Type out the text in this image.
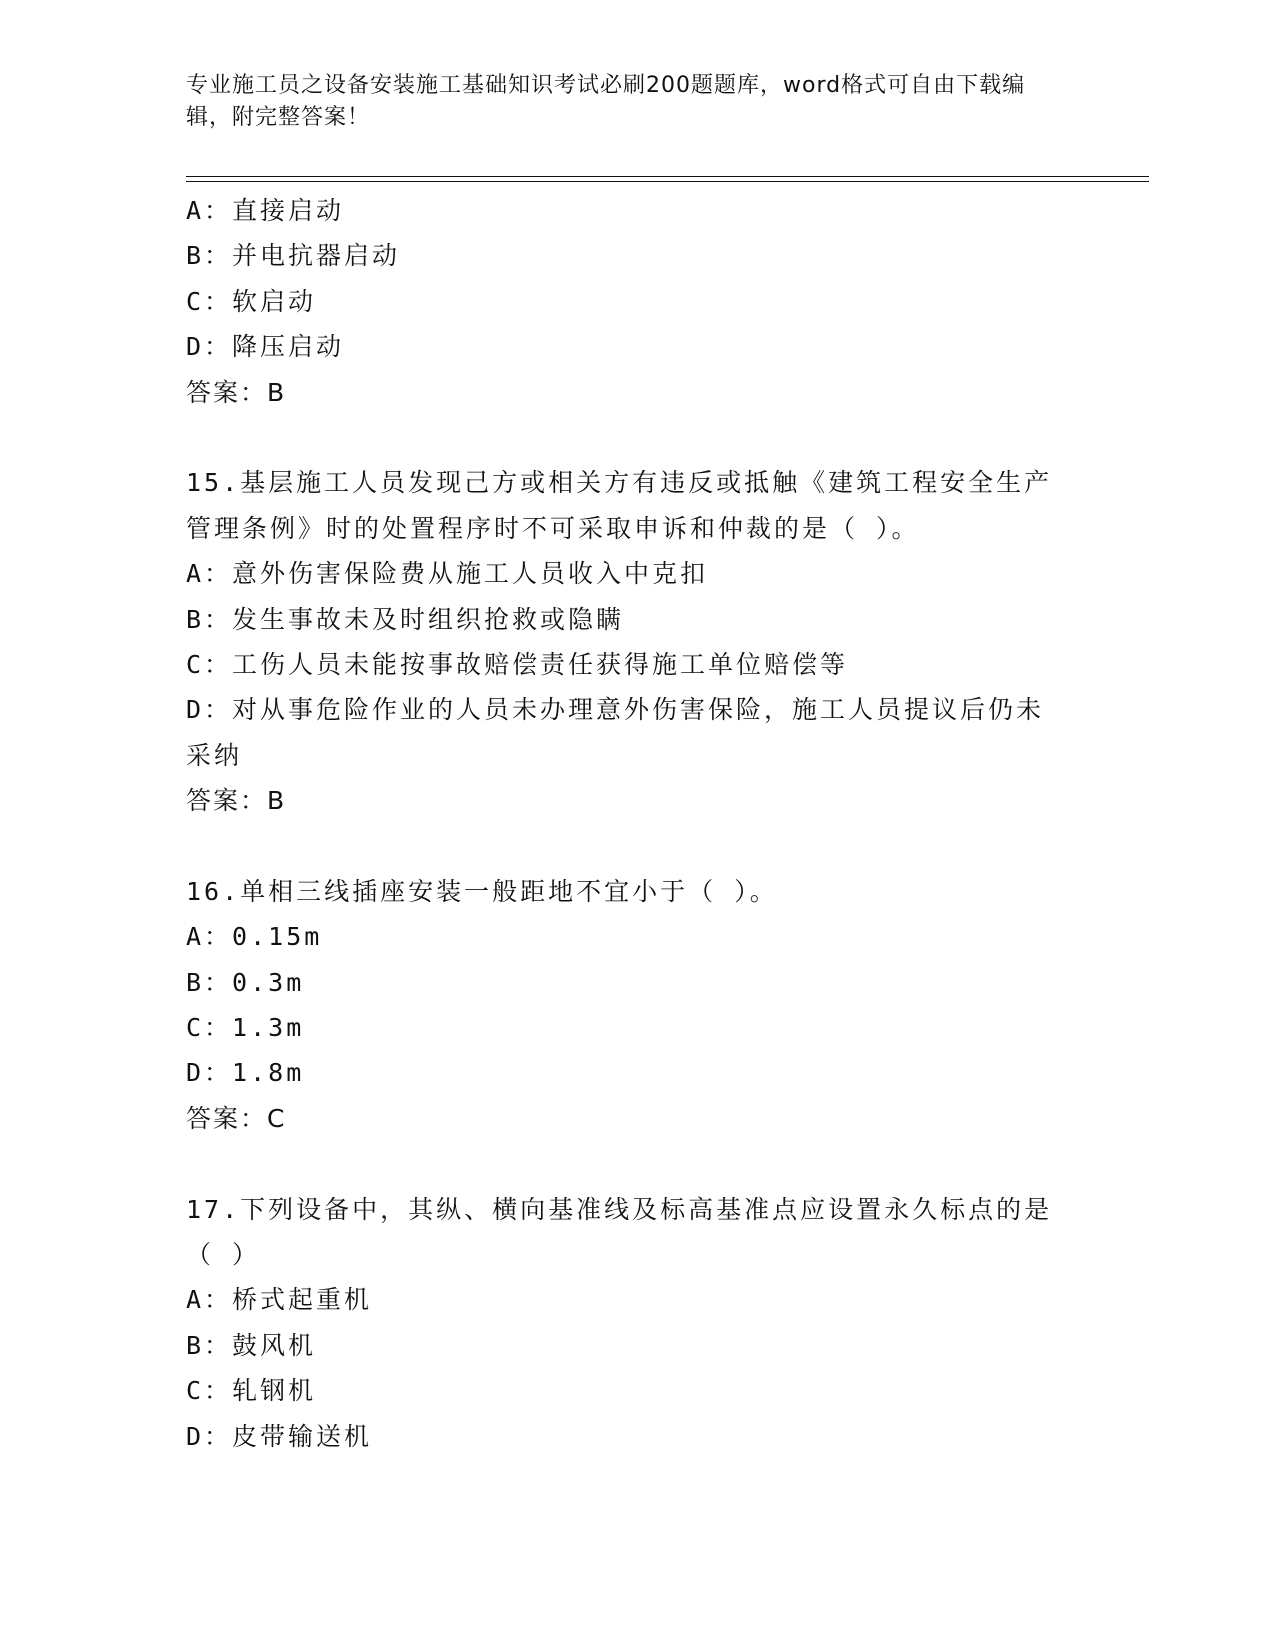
专业施工员之设备安装施工基础知识考试必刷200题题库，word格式可自由下载编辑，附完整答案！
A：直接启动
B：并电抗器启动
C：软启动
D：降压启动
答案：B
15.基层施工人员发现己方或相关方有违反或抵触《建筑工程安全生产
管理条例》时的处置程序时不可采取申诉和仲裁的是（ ）。
A：意外伤害保险费从施工人员收入中克扣
B：发生事故未及时组织抢救或隐瞒
C：工伤人员未能按事故赔偿责任获得施工单位赔偿等
D：对从事危险作业的人员未办理意外伤害保险，施工人员提议后仍未
采纳
答案：B
16.单相三线插座安装一般距地不宜小于（ ）。
A：0.15m
B：0.3m
C：1.3m
D：1.8m
答案：C
17.下列设备中，其纵、横向基准线及标高基准点应设置永久标点的是
（ ）
A：桥式起重机
B：鼓风机
C：轧钢机
D：皮带输送机
